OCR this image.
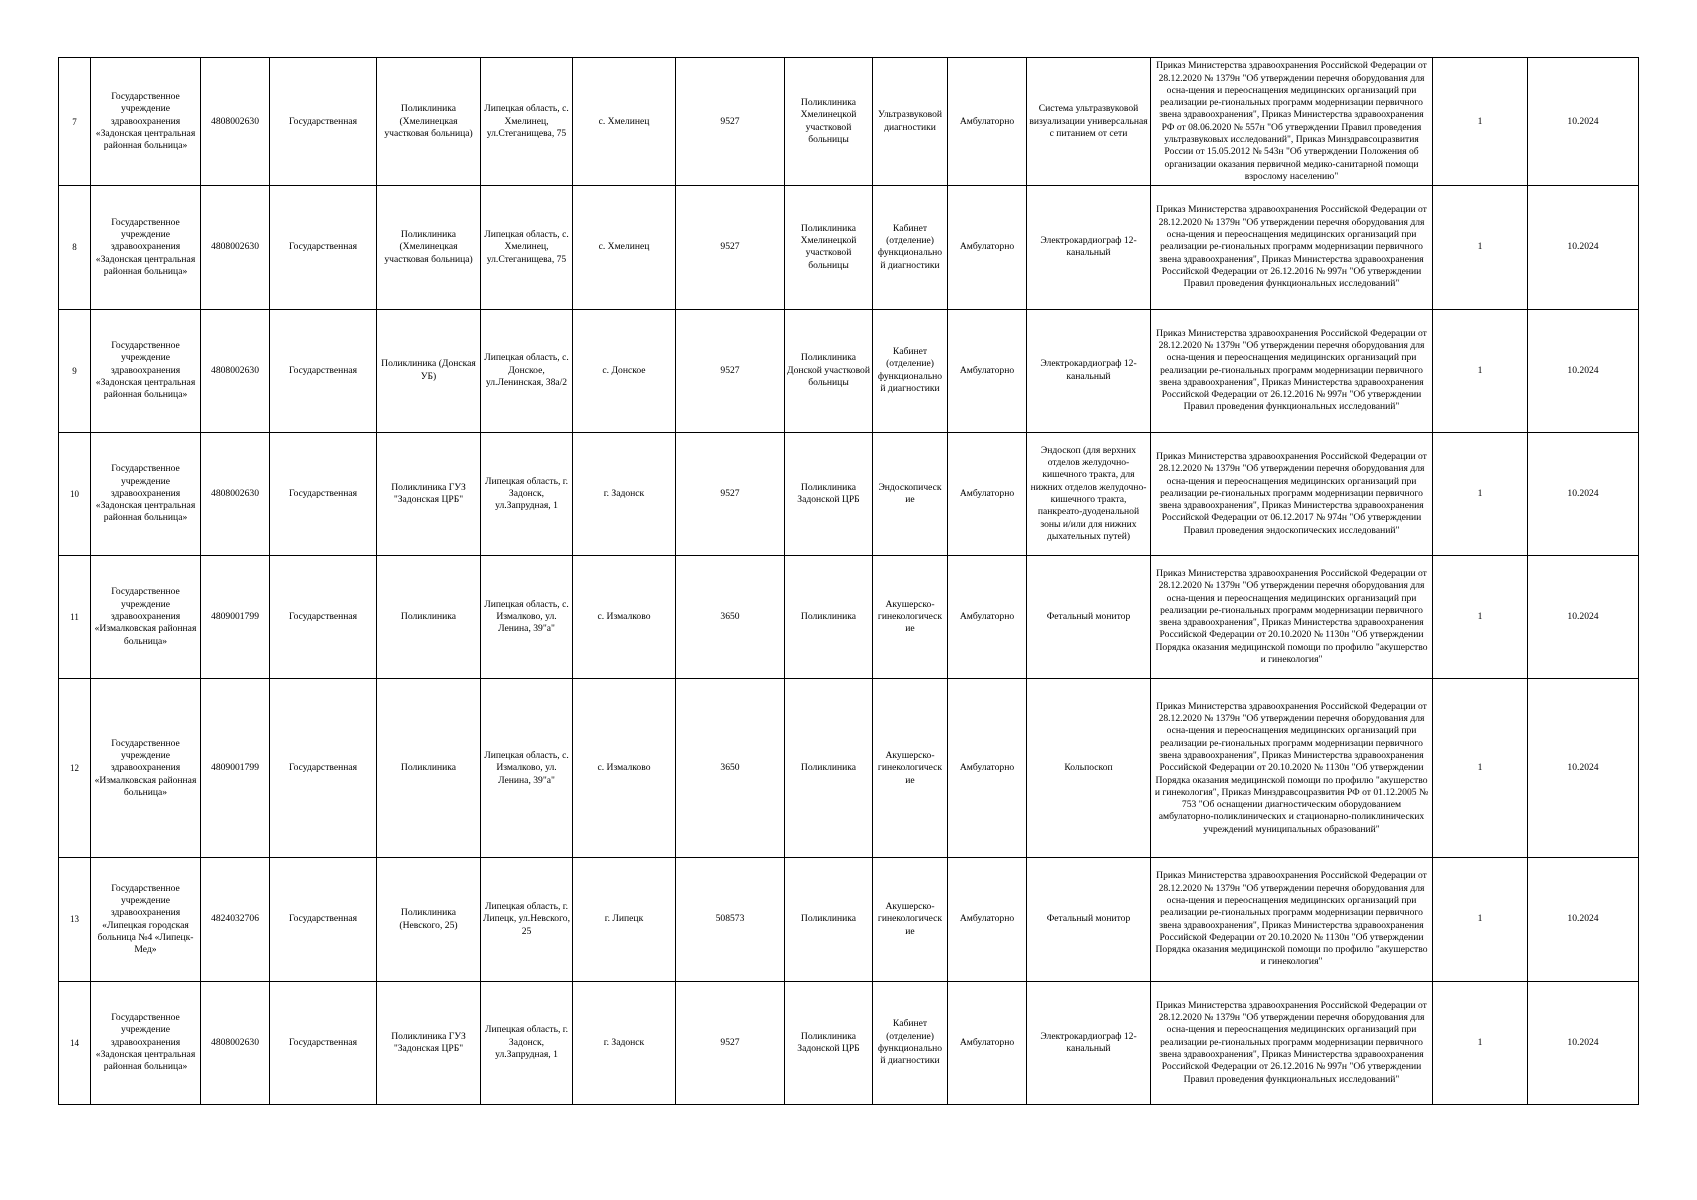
7	Государственное учреждение здравоохранения «Задонская центральная районная больница»	4808002630	Государственная	Поликлиника (Хмелинецкая участковая больница)	Липецкая область, с. Хмелинец, ул.Стеганищева, 75	с. Хмелинец	9527	Поликлиника Хмелинецкой участковой больницы	Ультразвуковой диагностики	Амбулаторно	Система ультразвуковой визуализации универсальная с питанием от сети	Приказ Министерства здравоохранения Российской Федерации от 28.12.2020 № 1379н "Об утверждении перечня оборудования для осна-щения и переоснащения медицинских организаций при реализации ре-гиональных программ модернизации первичного звена здравоохранения", Приказ Министерства здравоохранения РФ от 08.06.2020 № 557н "Об утверждении Правил проведения ультразвуковых исследований", Приказ Минздравсоцразвития России от 15.05.2012 № 543н "Об утверждении Положения об организации оказания первичной медико-санитарной помощи взрослому населению"	1	10.2024
8	Государственное учреждение здравоохранения «Задонская центральная районная больница»	4808002630	Государственная	Поликлиника (Хмелинецкая участковая больница)	Липецкая область, с. Хмелинец, ул.Стеганищева, 75	с. Хмелинец	9527	Поликлиника Хмелинецкой участковой больницы	Кабинет (отделение) функционально й диагностики	Амбулаторно	Электрокардиограф 12-канальный	Приказ Министерства здравоохранения Российской Федерации от 28.12.2020 № 1379н "Об утверждении перечня оборудования для осна-щения и переоснащения медицинских организаций при реализации ре-гиональных программ модернизации первичного звена здравоохранения", Приказ Министерства здравоохранения Российской Федерации от 26.12.2016 № 997н "Об утверждении Правил проведения функциональных исследований"	1	10.2024
9	Государственное учреждение здравоохранения «Задонская центральная районная больница»	4808002630	Государственная	Поликлиника (Донская УБ)	Липецкая область, с. Донское, ул.Ленинская, 38а/2	с. Донское	9527	Поликлиника Донской участковой больницы	Кабинет (отделение) функционально й диагностики	Амбулаторно	Электрокардиограф 12-канальный	Приказ Министерства здравоохранения Российской Федерации от 28.12.2020 № 1379н "Об утверждении перечня оборудования для осна-щения и переоснащения медицинских организаций при реализации ре-гиональных программ модернизации первичного звена здравоохранения", Приказ Министерства здравоохранения Российской Федерации от 26.12.2016 № 997н "Об утверждении Правил проведения функциональных исследований"	1	10.2024
10	Государственное учреждение здравоохранения «Задонская центральная районная больница»	4808002630	Государственная	Поликлиника ГУЗ "Задонская ЦРБ"	Липецкая область, г. Задонск, ул.Запрудная, 1	г. Задонск	9527	Поликлиника Задонской ЦРБ	Эндоскопическ ие	Амбулаторно	Эндоскоп (для верхних отделов желудочно-кишечного тракта, для нижних отделов желудочно-кишечного тракта, панкреато-дуоденальной зоны и/или для нижних дыхательных путей)	Приказ Министерства здравоохранения Российской Федерации от 28.12.2020 № 1379н "Об утверждении перечня оборудования для осна-щения и переоснащения медицинских организаций при реализации ре-гиональных программ модернизации первичного звена здравоохранения", Приказ Министерства здравоохранения Российской Федерации от 06.12.2017 № 974н "Об утверждении Правил проведения эндоскопических исследований"	1	10.2024
11	Государственное учреждение здравоохранения «Измалковская районная больница»	4809001799	Государственная	Поликлиника	Липецкая область, с. Измалково, ул. Ленина, 39"а"	с. Измалково	3650	Поликлиника	Акушерско-гинекологическ ие	Амбулаторно	Фетальный монитор	Приказ Министерства здравоохранения Российской Федерации от 28.12.2020 № 1379н "Об утверждении перечня оборудования для осна-щения и переоснащения медицинских организаций при реализации ре-гиональных программ модернизации первичного звена здравоохранения", Приказ Министерства здравоохранения Российской Федерации от 20.10.2020 № 1130н "Об утверждении Порядка оказания медицинской помощи по профилю "акушерство и гинекология"	1	10.2024
12	Государственное учреждение здравоохранения «Измалковская районная больница»	4809001799	Государственная	Поликлиника	Липецкая область, с. Измалково, ул. Ленина, 39"а"	с. Измалково	3650	Поликлиника	Акушерско-гинекологическ ие	Амбулаторно	Кольпоскоп	Приказ Министерства здравоохранения Российской Федерации от 28.12.2020 № 1379н "Об утверждении перечня оборудования для осна-щения и переоснащения медицинских организаций при реализации ре-гиональных программ модернизации первичного звена здравоохранения", Приказ Министерства здравоохранения Российской Федерации от 20.10.2020 № 1130н "Об утверждении Порядка оказания медицинской помощи по профилю "акушерство и гинекология", Приказ Минздравсоцразвития РФ от 01.12.2005 № 753 "Об оснащении диагностическим оборудованием амбулаторно-поликлинических и стационарно-поликлинических учреждений муниципальных образований"	1	10.2024
13	Государственное учреждение здравоохранения «Липецкая городская больница №4 «Липецк-Мед»	4824032706	Государственная	Поликлиника (Невского, 25)	Липецкая область, г. Липецк, ул.Невского, 25	г. Липецк	508573	Поликлиника	Акушерско-гинекологическ ие	Амбулаторно	Фетальный монитор	Приказ Министерства здравоохранения Российской Федерации от 28.12.2020 № 1379н "Об утверждении перечня оборудования для осна-щения и переоснащения медицинских организаций при реализации ре-гиональных программ модернизации первичного звена здравоохранения", Приказ Министерства здравоохранения Российской Федерации от 20.10.2020 № 1130н "Об утверждении Порядка оказания медицинской помощи по профилю "акушерство и гинекология"	1	10.2024
14	Государственное учреждение здравоохранения «Задонская центральная районная больница»	4808002630	Государственная	Поликлиника ГУЗ "Задонская ЦРБ"	Липецкая область, г. Задонск, ул.Запрудная, 1	г. Задонск	9527	Поликлиника Задонской ЦРБ	Кабинет (отделение) функционально й диагностики	Амбулаторно	Электрокардиограф 12-канальный	Приказ Министерства здравоохранения Российской Федерации от 28.12.2020 № 1379н "Об утверждении перечня оборудования для осна-щения и переоснащения медицинских организаций при реализации ре-гиональных программ модернизации первичного звена здравоохранения", Приказ Министерства здравоохранения Российской Федерации от 26.12.2016 № 997н "Об утверждении Правил проведения функциональных исследований"	1	10.2024
